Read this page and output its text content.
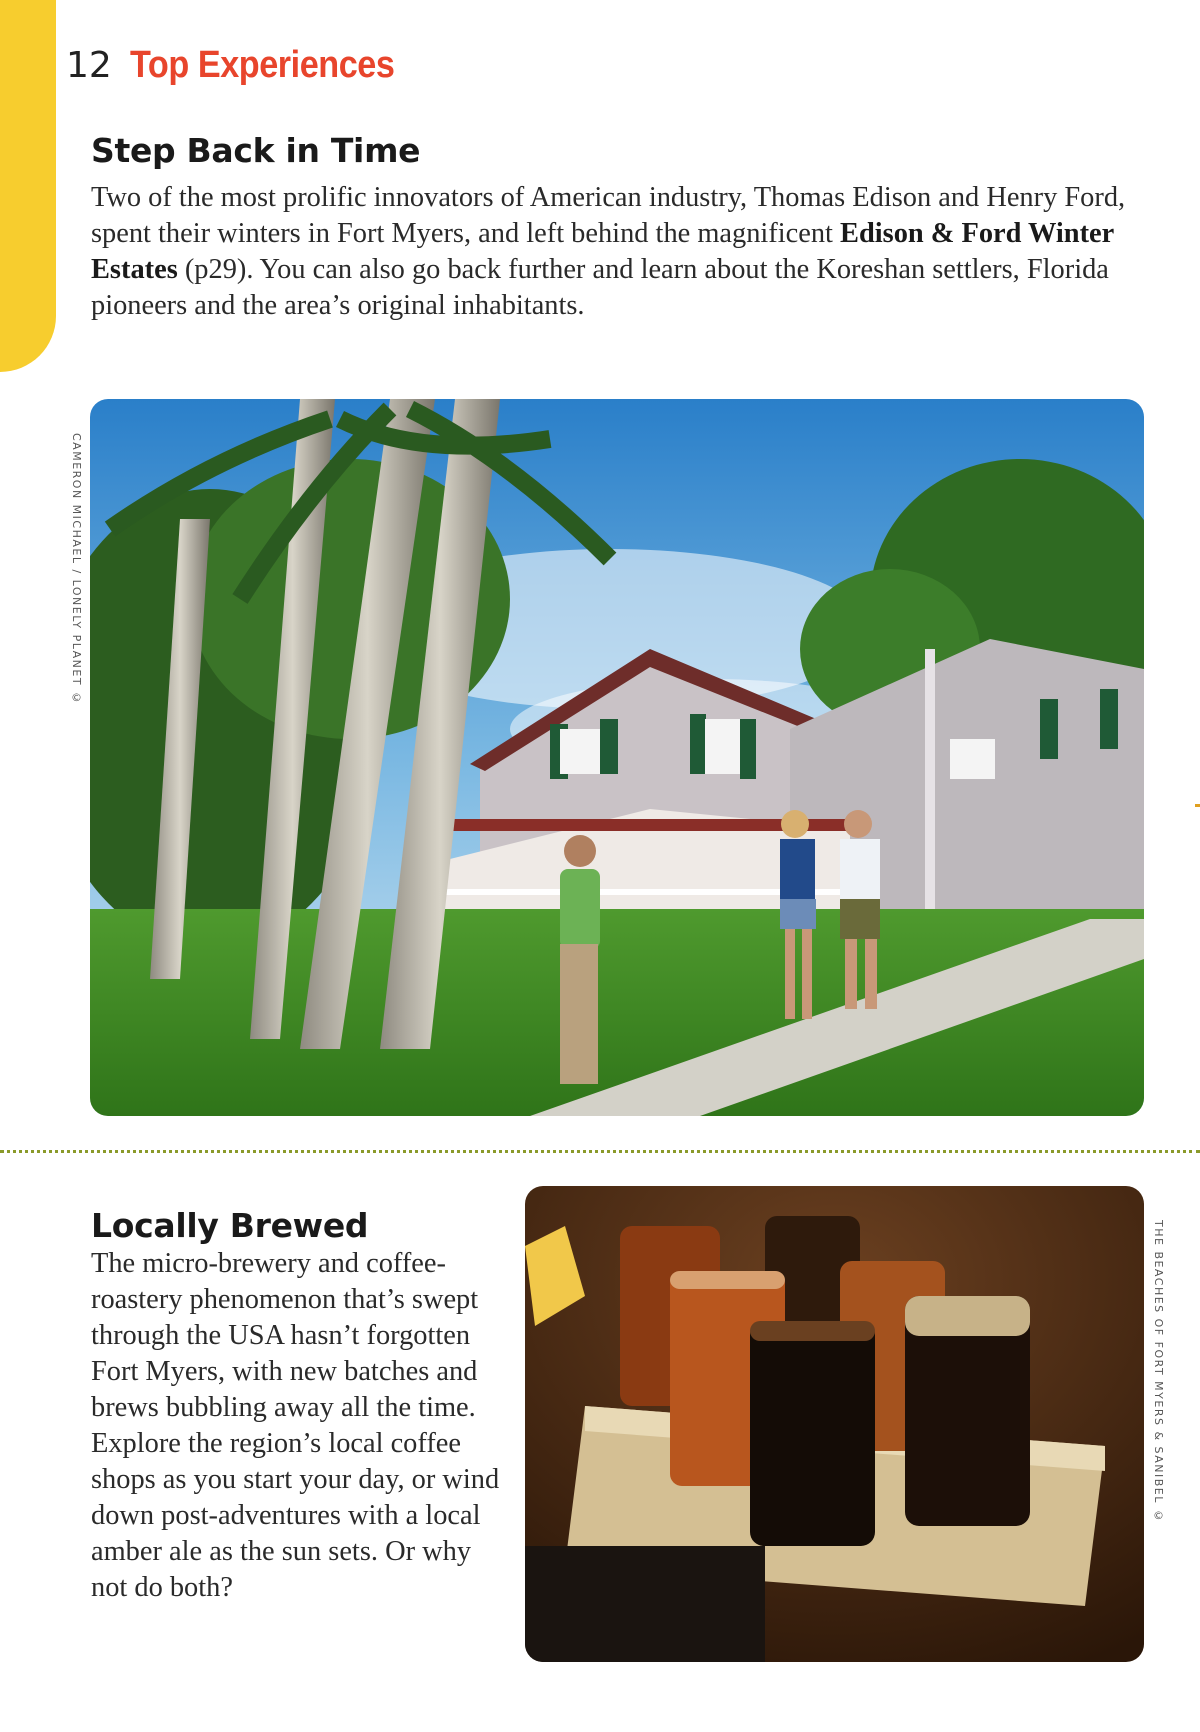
12 Top Experiences
Step Back in Time

Two of the most prolific innovators of American industry, Thomas Edison and Henry Ford, spent their winters in Fort Myers, and left behind the magnificent Edison & Ford Winter Estates (p29). You can also go back further and learn about the Koreshan settlers, Florida pioneers and the area’s original inhabitants.

CAMERON MICHAEL / LONELY PLANET ©
Locally Brewed

The micro-brewery and coffee-roastery phenomenon that’s swept through the USA hasn’t forgotten Fort Myers, with new batches and brews bubbling away all the time. Explore the region’s local coffee shops as you start your day, or wind down post-adventures with a local amber ale as the sun sets. Or why not do both?

THE BEACHES OF FORT MYERS & SANIBEL ©
